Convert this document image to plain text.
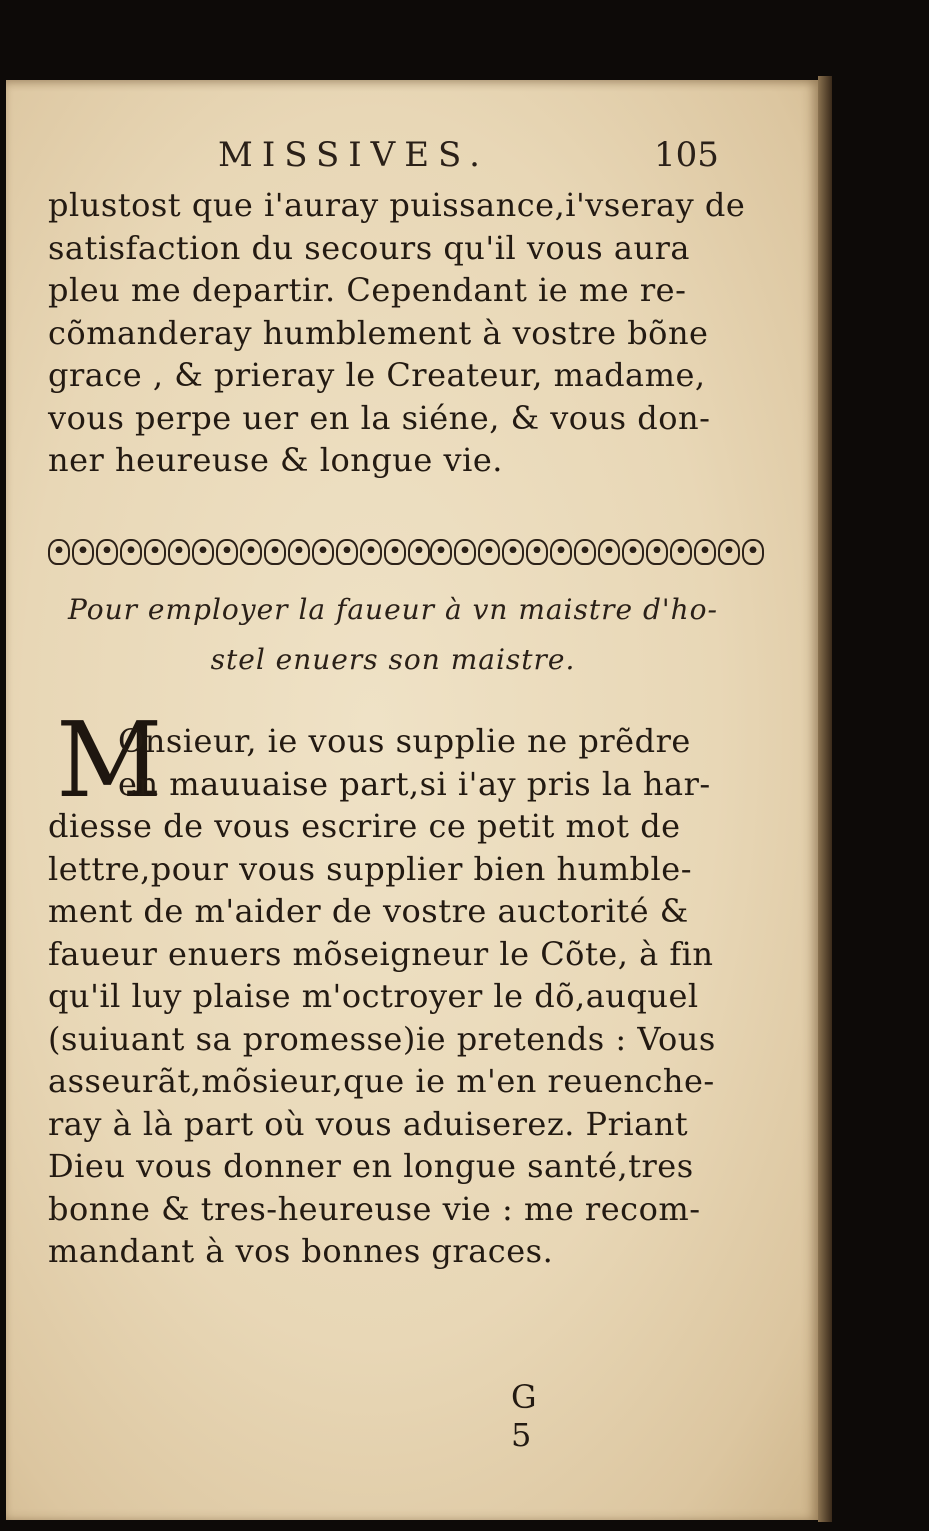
MISSIVES.	105
plustost que i'auray puissance,i'vseray de
satisfaction du secours qu'il vous aura
pleu me departir. Cependant ie me re-
cõmanderay humblement à vostre bõne
grace , & prieray le Createur, madame,
vous perpe uer en la siéne, & vous don-
ner heureuse & longue vie.
Pour employer la faueur à vn maistre d'ho-
stel enuers son maistre.
M
Onsieur, ie vous supplie ne prẽdre
en mauuaise part,si i'ay pris la har-
diesse de vous escrire ce petit mot de
lettre,pour vous supplier bien humble-
ment de m'aider de vostre auctorité &
faueur enuers mõseigneur le Cõte, à fin
qu'il luy plaise m'octroyer le dõ,auquel
(suiuant sa promesse)ie pretends : Vous
asseurãt,mõsieur,que ie m'en reuenche-
ray à là part où vous aduiserez. Priant
Dieu vous donner en longue santé,tres
bonne & tres-heureuse vie : me recom-
mandant à vos bonnes graces.
G 5
